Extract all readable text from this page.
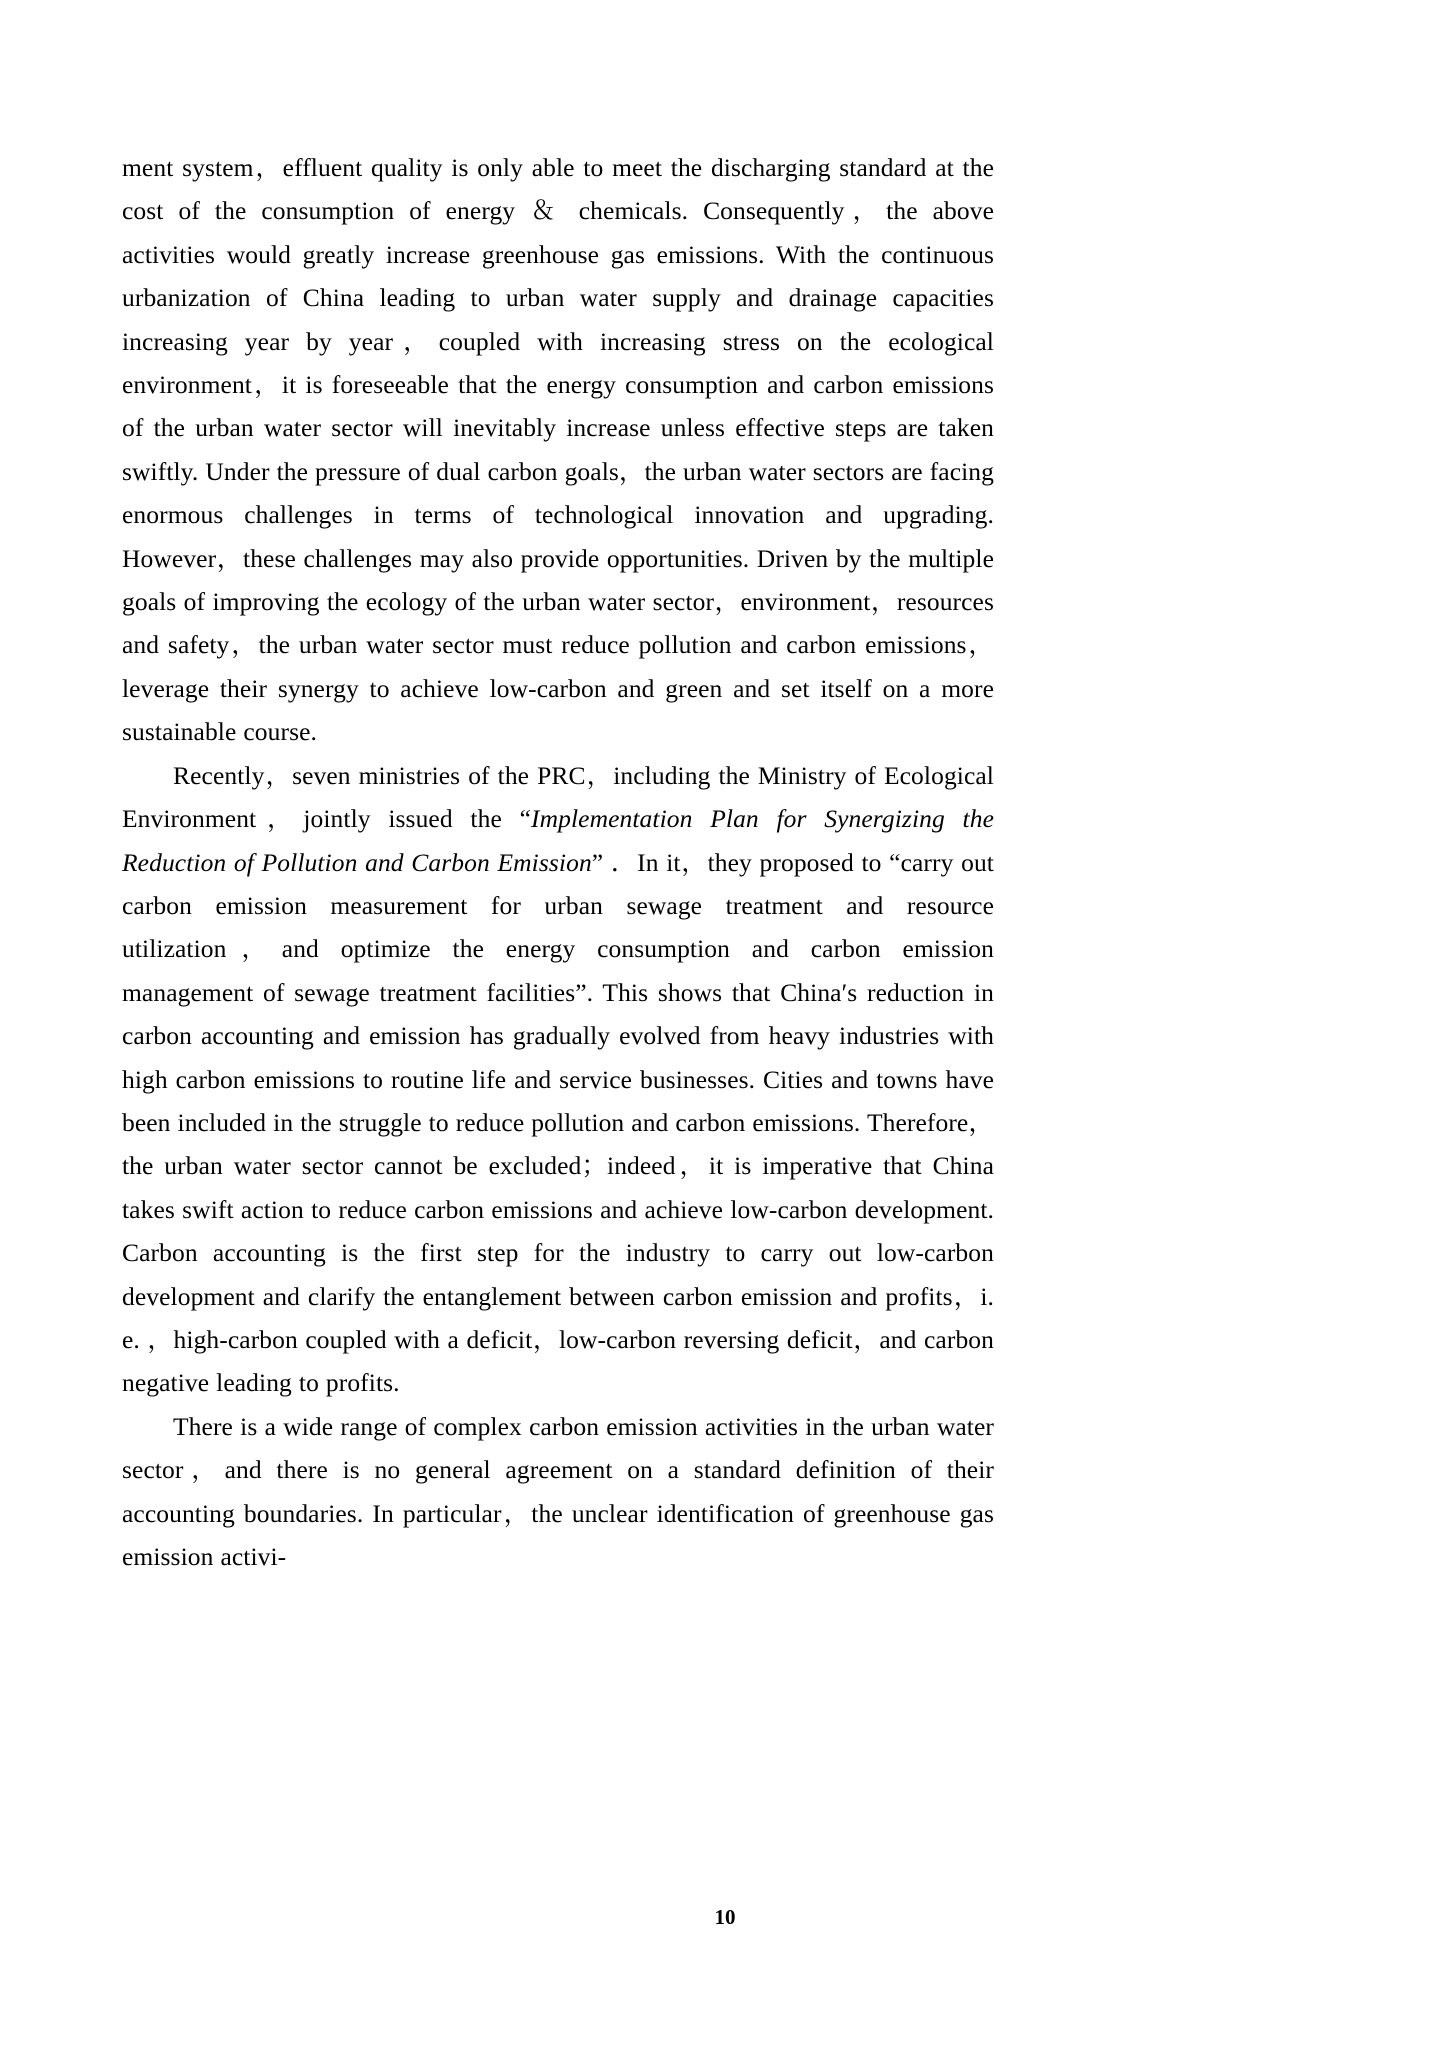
ment system，effluent quality is only able to meet the discharging standard at the cost of the consumption of energy ＆ chemicals. Consequently，the above activities would greatly increase greenhouse gas emissions. With the continuous urbanization of China leading to urban water supply and drainage capacities increasing year by year，coupled with increasing stress on the ecological environment，it is foreseeable that the energy consumption and carbon emissions of the urban water sector will inevitably increase unless effective steps are taken swiftly. Under the pressure of dual carbon goals，the urban water sectors are facing enormous challenges in terms of technological innovation and upgrading. However，these challenges may also provide opportunities. Driven by the multiple goals of improving the ecology of the urban water sector，environment，resources and safety，the urban water sector must reduce pollution and carbon emissions，leverage their synergy to achieve low-carbon and green and set itself on a more sustainable course.

Recently，seven ministries of the PRC，including the Ministry of Ecological Environment，jointly issued the “Implementation Plan for Synergizing the Reduction of Pollution and Carbon Emission” ．In it，they proposed to “carry out carbon emission measurement for urban sewage treatment and resource utilization，and optimize the energy consumption and carbon emission management of sewage treatment facilities”. This shows that China′s reduction in carbon accounting and emission has gradually evolved from heavy industries with high carbon emissions to routine life and service businesses. Cities and towns have been included in the struggle to reduce pollution and carbon emissions. Therefore，the urban water sector cannot be excluded；indeed，it is imperative that China takes swift action to reduce carbon emissions and achieve low-carbon development. Carbon accounting is the first step for the industry to carry out low-carbon development and clarify the entanglement between carbon emission and profits，i. e. ，high-carbon coupled with a deficit，low-carbon reversing deficit，and carbon negative leading to profits.

There is a wide range of complex carbon emission activities in the urban water sector，and there is no general agreement on a standard definition of their accounting boundaries. In particular，the unclear identification of greenhouse gas emission activi-

10
